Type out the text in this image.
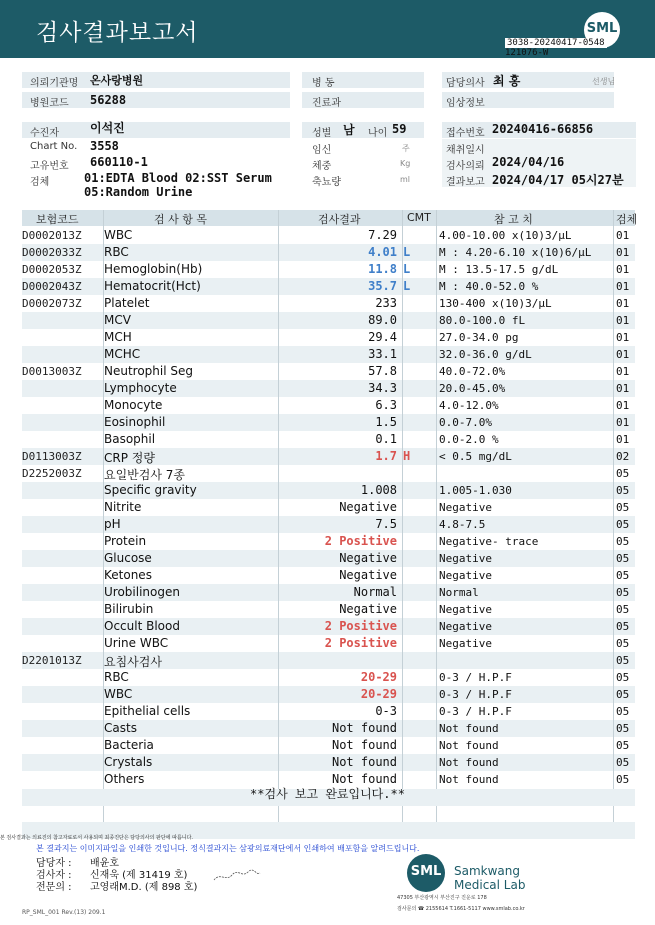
검사결과보고서	SML
3038-20240417-0548
121076-W
의뢰기관명 온사랑병원
병원코드 56288
병 동
진료과
담당의사 최 홍	선생님
임상정보
수진자	이석진
Chart No. 3558
고유번호 660110-1
검체	01:EDTA Blood 02:SST Serum
05:Random Urine
성별 남 나이 59
임신	주
체중	Kg
축뇨량	ml
접수번호 20240416-66856
채취일시
검사의뢰 2024/04/16
결과보고 2024/04/17 05시27분
보험코드	검 사 항 목	검사결과	CMT	참 고 치	검체
D0002013Z WBC	7.29	4.00-10.00 x(10)3/μL	01
D0002033Z RBC	4.01 L	M : 4.20-6.10 x(10)6/μL 01
D0002053Z Hemoglobin(Hb)	11.8 L	M : 13.5-17.5 g/dL	01
D0002043Z Hematocrit(Hct)	35.7 L	M : 40.0-52.0 %	01
D0002073Z Platelet	233	130-400 x(10)3/μL	01
MCV	89.0	80.0-100.0 fL	01
MCH	29.4	27.0-34.0 pg	01
MCHC	33.1	32.0-36.0 g/dL	01
D0013003Z Neutrophil Seg	57.8	40.0-72.0%	01
Lymphocyte	34.3	20.0-45.0%	01
Monocyte	6.3	4.0-12.0%	01
Eosinophil	1.5	0.0-7.0%	01
Basophil	0.1	0.0-2.0 %	01
D0113003Z CRP 정량	1.7 H	< 0.5 mg/dL	02
D2252003Z 요일반검사 7종	05
Specific gravity	1.008	1.005-1.030	05
Nitrite	Negative	Negative	05
pH	7.5	4.8-7.5	05
Protein	2 Positive	Negative- trace	05
Glucose	Negative	Negative	05
Ketones	Negative	Negative	05
Urobilinogen	Normal	Normal	05
Bilirubin	Negative	Negative	05
Occult Blood	2 Positive	Negative	05
Urine WBC	2 Positive	Negative	05
D2201013Z 요침사검사	05
RBC	20-29	0-3 / H.P.F	05
WBC	20-29	0-3 / H.P.F	05
Epithelial cells	0-3	0-3 / H.P.F	05
Casts	Not found	Not found	05
Bacteria	Not found	Not found	05
Crystals	Not found	Not found	05
Others	Not found	Not found	05
**검사 보고 완료입니다.**
본 검사결과는 의료진의 참고자료로서 사용되며 최종진단은 담당의사의 판단에 따릅니다.
본 결과지는 이미지파일을 인쇄한 것입니다. 정식결과지는 삼광의료재단에서 인쇄하여 배포함을 알려드립니다.
담당자 : 배윤호
검사자 : 신재욱 (제 31419 호)
전문의 : 고영래M.D. (제 898 호)
SML	Samkwang
Medical Lab
47305 부산광역시 부산진구 진운로 178
검사문의 ☎ 2155614 T.1661-5117 www.smlab.co.kr
RP_SML_001 Rev.(13) 209.1
